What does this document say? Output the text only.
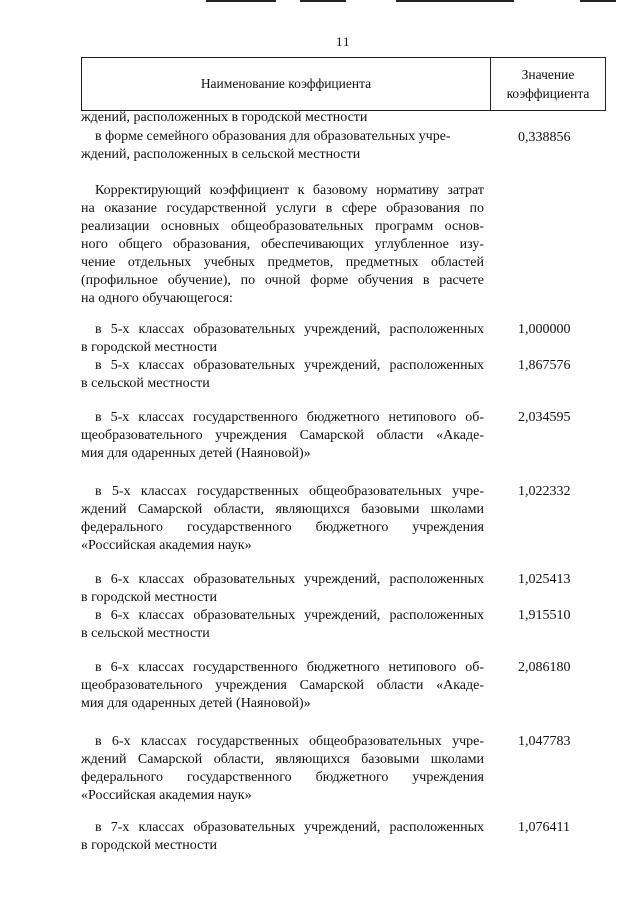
11
Наименование коэффициента
Значение
коэффициента
ждений, расположенных в городской местности
в форме семейного образования для образовательных учре-
ждений, расположенных в сельской местности
0,338856
Корректирующий коэффициент к базовому нормативу затрат
на оказание государственной услуги в сфере образования по
реализации основных общеобразовательных программ основ-
ного общего образования, обеспечивающих углубленное изу-
чение отдельных учебных предметов, предметных областей
(профильное обучение), по очной форме обучения в расчете
на одного обучающегося:
в 5-х классах образовательных учреждений, расположенных
в городской местности
1,000000
в 5-х классах образовательных учреждений, расположенных
в сельской местности
1,867576
в 5-х классах государственного бюджетного нетипового об-
щеобразовательного учреждения Самарской области «Акаде-
мия для одаренных детей (Наяновой)»
2,034595
в 5-х классах государственных общеобразовательных учре-
ждений Самарской области, являющихся базовыми школами
федерального государственного бюджетного учреждения
«Российская академия наук»
1,022332
в 6-х классах образовательных учреждений, расположенных
в городской местности
1,025413
в 6-х классах образовательных учреждений, расположенных
в сельской местности
1,915510
в 6-х классах государственного бюджетного нетипового об-
щеобразовательного учреждения Самарской области «Акаде-
мия для одаренных детей (Наяновой)»
2,086180
в 6-х классах государственных общеобразовательных учре-
ждений Самарской области, являющихся базовыми школами
федерального государственного бюджетного учреждения
«Российская академия наук»
1,047783
в 7-х классах образовательных учреждений, расположенных
в городской местности
1,076411
